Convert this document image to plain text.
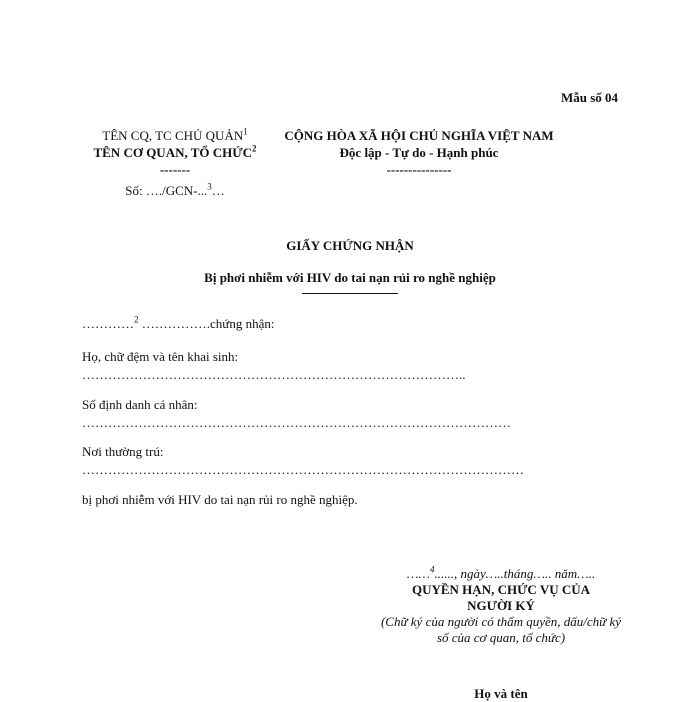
Mẫu số 04
TÊN CQ, TC CHỦ QUẢN$^1$
TÊN CƠ QUAN, TỔ CHỨC$^2$
-------
Số: …./GCN-...$^3$…
CỘNG HÒA XÃ HỘI CHỦ NGHĨA VIỆT NAM
Độc lập - Tự do - Hạnh phúc
---------------
GIẤY CHỨNG NHẬN
Bị phơi nhiễm với HIV do tai nạn rủi ro nghề nghiệp
…………$^2$ …………….chứng nhận:
Họ, chữ đệm và tên khai sinh:
……………………………………………………………………………..
Số định danh cá nhân:
………………………………………………………………………………………
Nơi thường trú:
…………………………………………………………………………………………
bị phơi nhiễm với HIV do tai nạn rủi ro nghề nghiệp.
……$^4$......, ngày…..tháng….. năm…..
QUYỀN HẠN, CHỨC VỤ CỦA
NGƯỜI KÝ
(Chữ ký của người có thẩm quyền, dấu/chữ ký số của cơ quan, tổ chức)
Họ và tên
